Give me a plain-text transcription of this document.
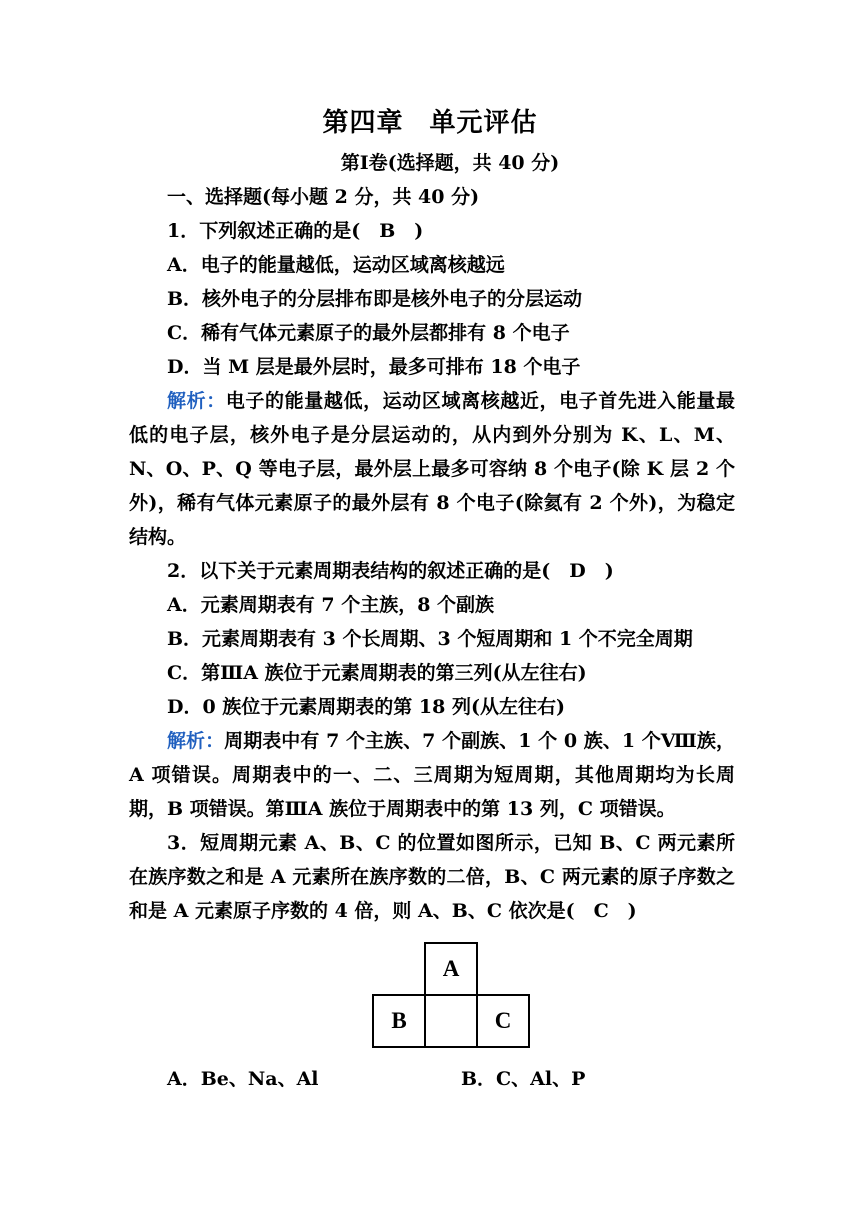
第四章 单元评估
第Ⅰ卷(选择题，共 40 分)

一、选择题(每小题 2 分，共 40 分)

1．下列叙述正确的是(　B　)

A．电子的能量越低，运动区域离核越远

B．核外电子的分层排布即是核外电子的分层运动

C．稀有气体元素原子的最外层都排有 8 个电子

D．当 M 层是最外层时，最多可排布 18 个电子

解析：电子的能量越低，运动区域离核越近，电子首先进入能量最低的电子层，核外电子是分层运动的，从内到外分别为 K、L、M、N、O、P、Q 等电子层，最外层上最多可容纳 8 个电子(除 K 层 2 个外)，稀有气体元素原子的最外层有 8 个电子(除氦有 2 个外)，为稳定结构。

2．以下关于元素周期表结构的叙述正确的是(　D　)

A．元素周期表有 7 个主族，8 个副族

B．元素周期表有 3 个长周期、3 个短周期和 1 个不完全周期

C．第ⅢA 族位于元素周期表的第三列(从左往右)

D．0 族位于元素周期表的第 18 列(从左往右)

解析：周期表中有 7 个主族、7 个副族、1 个 0 族、1 个Ⅷ族，A 项错误。周期表中的一、二、三周期为短周期，其他周期均为长周期，B 项错误。第ⅢA 族位于周期表中的第 13 列，C 项错误。

3．短周期元素 A、B、C 的位置如图所示，已知 B、C 两元素所在族序数之和是 A 元素所在族序数的二倍，B、C 两元素的原子序数之和是 A 元素原子序数的 4 倍，则 A、B、C 依次是(　C　)

A
B	C
A．Be、Na、Al	B．C、Al、P
